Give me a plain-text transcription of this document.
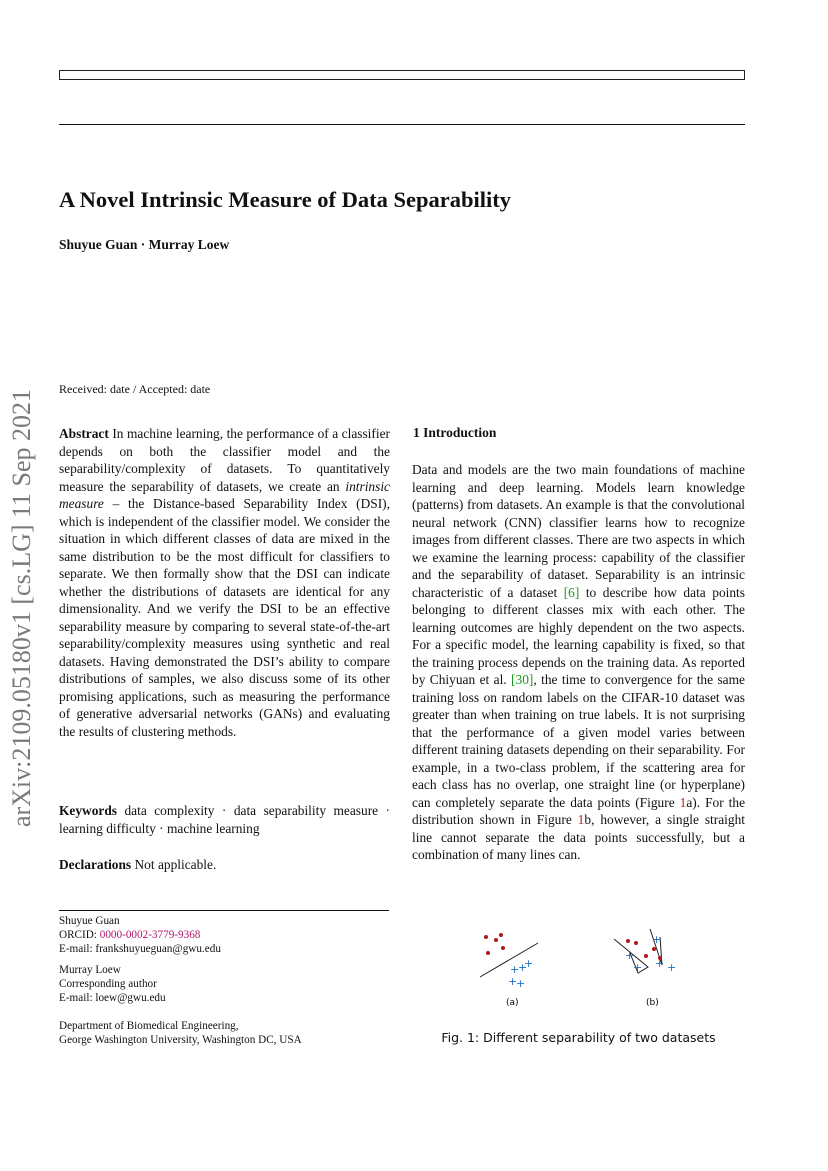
arXiv:2109.05180v1 [cs.LG] 11 Sep 2021
A Novel Intrinsic Measure of Data Separability
Shuyue Guan · Murray Loew
Received: date / Accepted: date
Abstract In machine learning, the performance of a classifier depends on both the classifier model and the separability/complexity of datasets. To quantitatively measure the separability of datasets, we create an intrinsic measure – the Distance-based Separability Index (DSI), which is independent of the classifier model. We consider the situation in which different classes of data are mixed in the same distribution to be the most difficult for classifiers to separate. We then formally show that the DSI can indicate whether the distributions of datasets are identical for any dimensionality. And we verify the DSI to be an effective separability measure by comparing to several state-of-the-art separability/complexity measures using synthetic and real datasets. Having demonstrated the DSI’s ability to compare distributions of samples, we also discuss some of its other promising applications, such as measuring the performance of generative adversarial networks (GANs) and evaluating the results of clustering methods.
Keywords data complexity · data separability measure · learning difficulty · machine learning
Declarations Not applicable.
Shuyue Guan
ORCID: 0000-0002-3779-9368
E-mail: frankshuyueguan@gwu.edu
Murray Loew
Corresponding author
E-mail: loew@gwu.edu
Department of Biomedical Engineering,
George Washington University, Washington DC, USA
1 Introduction
Data and models are the two main foundations of machine learning and deep learning. Models learn knowledge (patterns) from datasets. An example is that the convolutional neural network (CNN) classifier learns how to recognize images from different classes. There are two aspects in which we examine the learning process: capability of the classifier and the separability of dataset. Separability is an intrinsic characteristic of a dataset [6] to describe how data points belonging to different classes mix with each other. The learning outcomes are highly dependent on the two aspects. For a specific model, the learning capability is fixed, so that the training process depends on the training data. As reported by Chiyuan et al. [30], the time to convergence for the same training loss on random labels on the CIFAR-10 dataset was greater than when training on true labels. It is not surprising that the performance of a given model varies between different training datasets depending on their separability. For example, in a two-class problem, if the scattering area for each class has no overlap, one straight line (or hyperplane) can completely separate the data points (Figure 1a). For the distribution shown in Figure 1b, however, a single straight line cannot separate the data points successfully, but a combination of many lines can.
+
+
+
+
+
(a)
+
+
+ + +
(b)
Fig. 1: Different separability of two datasets
